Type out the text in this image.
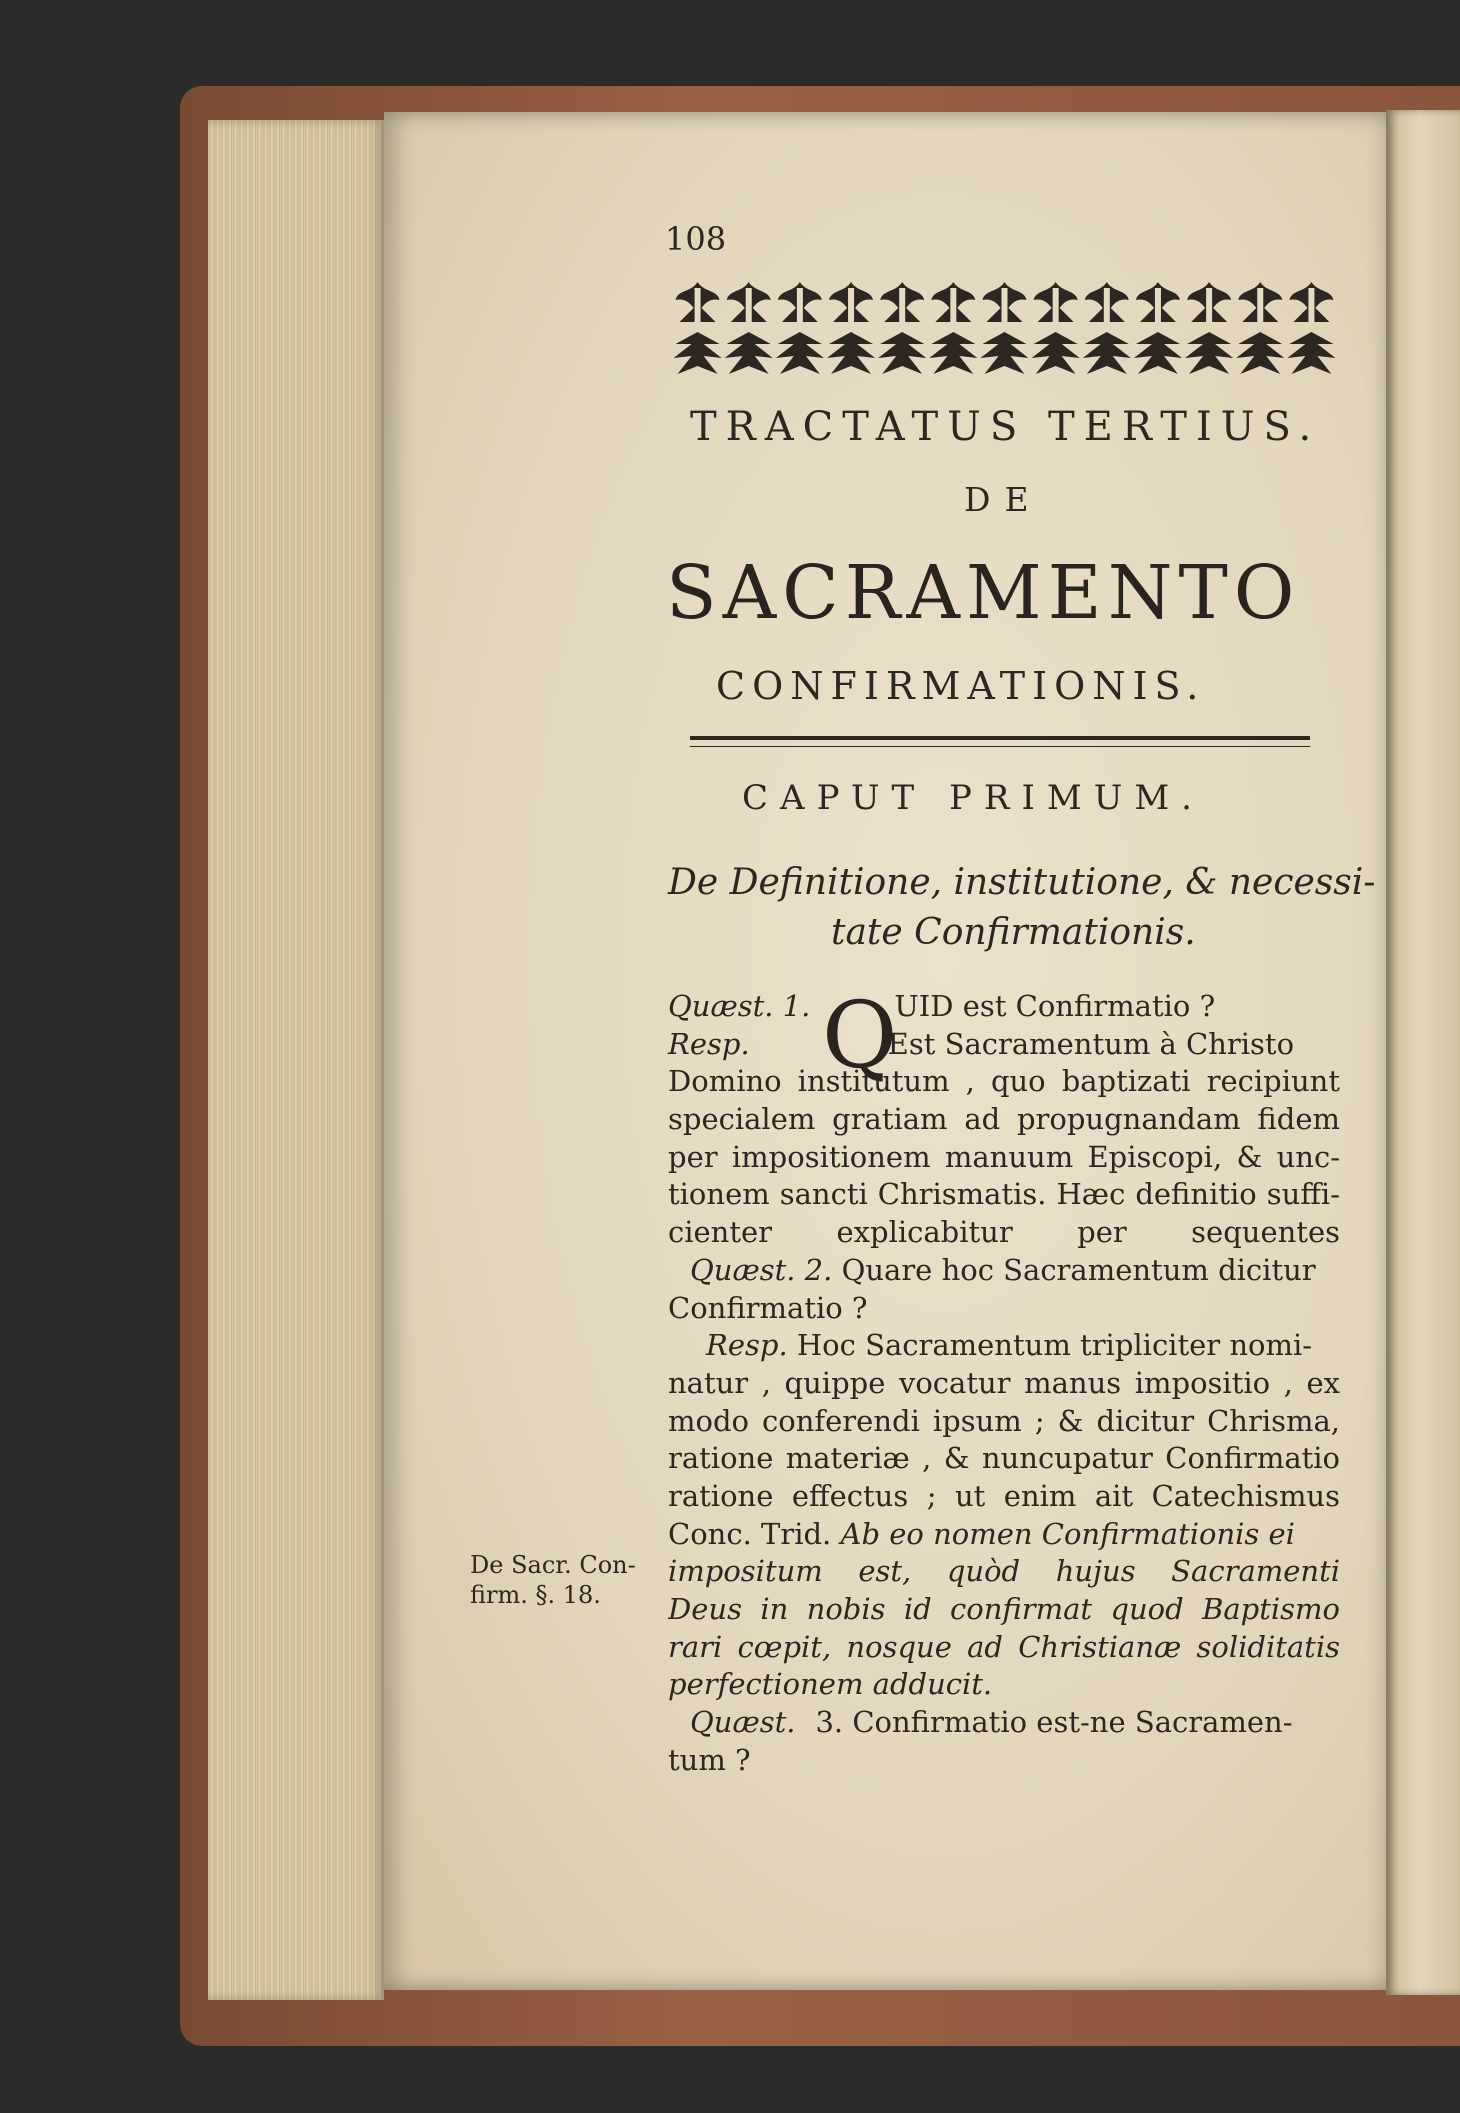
108
TRACTATUS TERTIUS.
DE
SACRAMENTO
CONFIRMATIONIS.
CAPUT PRIMUM.
De Definitione, institutione, & necessi-
tate Confirmationis.
Q
Quæst. 1.	UID est Confirmatio ?
Resp.	Est Sacramentum à Christo
Domino institutum , quo baptizati recipiunt
specialem gratiam ad propugnandam fidem
per impositionem manuum Episcopi, & unc-
tionem sancti Chrismatis. Hæc definitio suffi-
cienter explicabitur per sequentes
Quæst. 2. Quare hoc Sacramentum dicitur
Confirmatio ?
Resp. Hoc Sacramentum tripliciter nomi-
natur , quippe vocatur manus impositio , ex
modo conferendi ipsum ; & dicitur Chrisma,
ratione materiæ , & nuncupatur Confirmatio
ratione effectus ; ut enim ait Catechismus
Conc. Trid. Ab eo nomen Confirmationis ei
impositum est, quòd hujus Sacramenti
Deus in nobis id confirmat quod Baptismo
rari cœpit, nosque ad Christianæ soliditatis
perfectionem adducit.
Quæst. 3. Confirmatio est-ne Sacramen-
tum ?
De Sacr. Con-
firm. §. 18.
